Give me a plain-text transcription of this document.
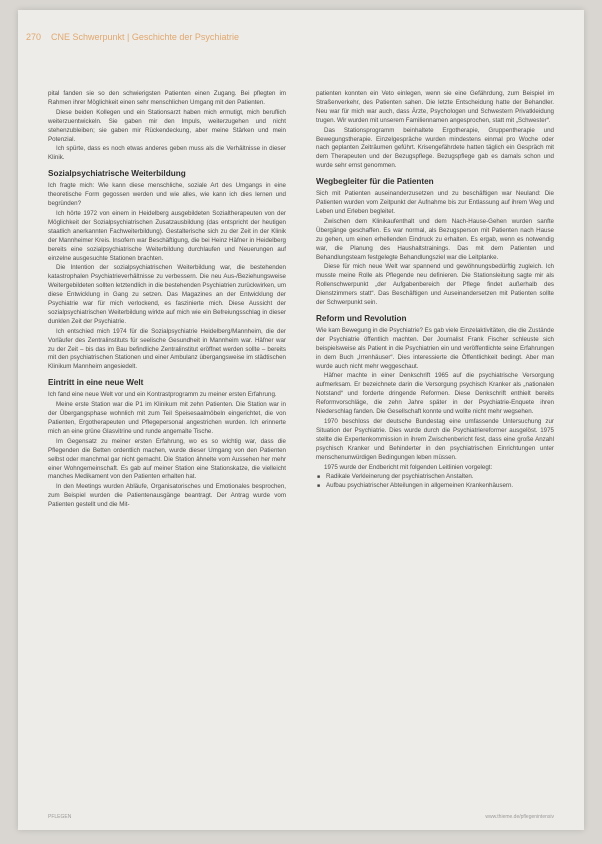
270 CNE Schwerpunkt | Geschichte der Psychiatrie

pital fanden sie so den schwierigsten Patienten einen Zugang. Bei pflegten im Rahmen ihrer Möglichkeit einen sehr menschlichen Umgang mit den Patienten.

Diese beiden Kollegen und ein Stationsarzt haben mich ermutigt, mich beruflich weiterzuentwickeln. Sie gaben mir den Impuls, weiterzugehen und nicht stehenzubleiben; sie gaben mir Rückendeckung, aber meine Stärken und mein Potenzial.

Ich spürte, dass es noch etwas anderes geben muss als die Verhältnisse in dieser Klinik.

Sozialpsychiatrische Weiterbildung

Ich fragte mich: Wie kann diese menschliche, soziale Art des Umgangs in eine theoretische Form gegossen werden und wie alles, wie kann ich dies lernen und begründen?

Ich hörte 1972 von einem in Heidelberg ausgebildeten Sozialtherapeuten von der Möglichkeit der Sozialpsychiatrischen Zusatzausbildung (das entspricht der heutigen staatlich anerkannten Fachweiterbildung). Gestalterische sich zu der Zeit in der Klinik der Mannheimer Kreis. Insofern war Beschäftigung, die bei Heinz Häfner in Heidelberg bereits eine sozialpsychiatrische Weiterbildung durchlaufen und Neuerungen auf einzelne ausgesuchte Stationen brachten.

Die Intention der sozialpsychiatrischen Weiterbildung war, die bestehenden katastrophalen Psychiatrieverhältnisse zu verbessern. Die neu Aus-/Beziehungsweise Weitergebildeten sollten letztendlich in die bestehenden Psychiatrien zurückwirken, um diese Entwicklung in Gang zu setzen. Das Magazines an der Entwicklung der Psychiatrie war für mich verlockend, es faszinierte mich. Diese Aussicht der sozialpsychiatrischen Weiterbildung wirkte auf mich wie ein Befreiungsschlag in dieser dunklen Zeit der Psychiatrie.

Ich entschied mich 1974 für die Sozialpsychiatrie Heidelberg/Mannheim, die der Vorläufer des Zentralinstituts für seelische Gesundheit in Mannheim war. Häfner war zu der Zeit – bis das im Bau befindliche Zentralinstitut eröffnet werden sollte – bereits mit den psychiatrischen Stationen und einer Ambulanz übergangsweise im städtischen Klinikum Mannheim angesiedelt.

Eintritt in eine neue Welt

Ich fand eine neue Welt vor und ein Kontrastprogramm zu meiner ersten Erfahrung.

Meine erste Station war die P1 im Klinikum mit zehn Patienten. Die Station war in der Übergangsphase wohnlich mit zum Teil Speisesaalmöbeln eingerichtet, die von Patienten, Ergotherapeuten und Pflegepersonal angestrichen wurden. Ich erinnerte mich an eine grüne Glasvitrine und runde angemalte Tische.

Im Gegensatz zu meiner ersten Erfahrung, wo es so wichtig war, dass die Pflegenden die Betten ordentlich machen, wurde dieser Umgang von den Patienten selbst oder manchmal gar nicht gemacht. Die Station ähnelte vom Aussehen her mehr einer Wohngemeinschaft. Es gab auf meiner Station eine Stationskatze, die vielleicht manches Medikament von den Patienten erhalten hat.

In den Meetings wurden Abläufe, Organisatorisches und Emotionales besprochen, zum Beispiel wurden die Patientenausgänge beantragt. Der Antrag wurde vom Patienten gestellt und die Mit-

patienten konnten ein Veto einlegen, wenn sie eine Gefährdung, zum Beispiel im Straßenverkehr, des Patienten sahen. Die letzte Entscheidung hatte der Behandler. Neu war für mich war auch, dass Ärzte, Psychologen und Schwestern Privatkleidung trugen. Wir wurden mit unserem Familiennamen angesprochen, statt mit „Schwester“.

Das Stationsprogramm beinhaltete Ergotherapie, Gruppentherapie und Bewegungstherapie. Einzelgespräche wurden mindestens einmal pro Woche oder nach geplanten Zeiträumen geführt. Krisengefährdete hatten täglich ein Gespräch mit dem Therapeuten und der Bezugspflege. Bezugspflege gab es damals schon und wurde sehr ernst genommen.

Wegbegleiter für die Patienten

Sich mit Patienten auseinanderzusetzen und zu beschäftigen war Neuland: Die Patienten wurden vom Zeitpunkt der Aufnahme bis zur Entlassung auf ihrem Weg und Leben und Erleben begleitet.

Zwischen dem Klinikaufenthalt und dem Nach-Hause-Gehen wurden sanfte Übergänge geschaffen. Es war normal, als Bezugsperson mit Patienten nach Hause zu gehen, um einen erhellenden Eindruck zu erhalten. Es ergab, wenn es notwendig war, die Planung des Haushaltstrainings. Das mit dem Patienten und Behandlungsteam festgelegte Behandlungsziel war die Leitplanke.

Diese für mich neue Welt war spannend und gewöhnungsbedürftig zugleich. Ich musste meine Rolle als Pflegende neu definieren. Die Stationsleitung sagte mir als Rollenschwerpunkt „der Aufgabenbereich der Pflege findet außerhalb des Dienstzimmers statt“. Das Beschäftigen und Auseinandersetzen mit Patienten sollte der Schwerpunkt sein.

Reform und Revolution

Wie kam Bewegung in die Psychiatrie? Es gab viele Einzelaktivitäten, die die Zustände der Psychiatrie öffentlich machten. Der Journalist Frank Fischer schleuste sich beispielsweise als Patient in die Psychiatrien ein und veröffentlichte seine Erfahrungen in dem Buch „Irrenhäuser“. Dies interessierte die Öffentlichkeit bedingt. Aber man wurde auch nicht mehr weggeschaut.

Häfner machte in einer Denkschrift 1965 auf die psychiatrische Versorgung aufmerksam. Er bezeichnete darin die Versorgung psychisch Kranker als „nationalen Notstand“ und forderte dringende Reformen. Diese Denkschrift enthielt bereits Reformvorschläge, die zehn Jahre später in der Psychiatrie-Enquete ihren Niederschlag fanden. Die Gesellschaft konnte und wollte nicht mehr wegsehen.

1970 beschloss der deutsche Bundestag eine umfassende Untersuchung zur Situation der Psychiatrie. Dies wurde durch die Psychiatriereformer ausgelöst. 1975 stellte die Expertenkommission in ihrem Zwischenbericht fest, dass eine große Anzahl psychisch Kranker und Behinderter in den psychiatrischen Einrichtungen unter menschenunwürdigen Bedingungen leben müssen.

1975 wurde der Endbericht mit folgenden Leitlinien vorgelegt:

■ Radikale Verkleinerung der psychiatrischen Anstalten.
■ Aufbau psychiatrischer Abteilungen in allgemeinen Krankenhäusern.
PFLEGEN	www.thieme.de/pflegenintensiv
